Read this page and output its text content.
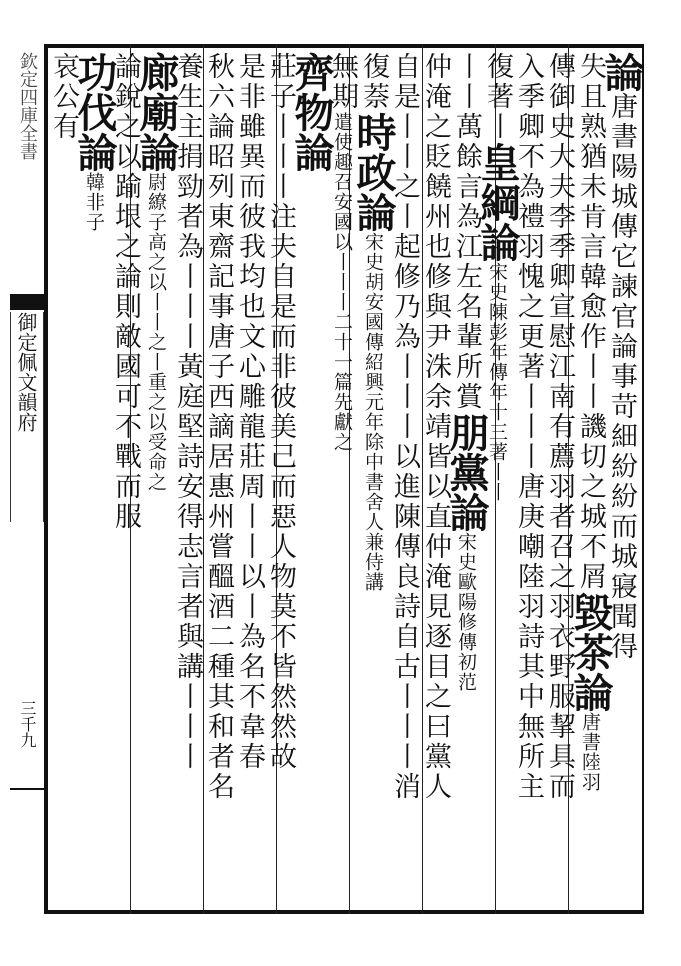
欽定四庫全書
御定佩文韻府
三千九
論唐書陽城傳它諫官論事苛細紛紛而城寢聞得
失且熟猶未肯言韓愈作丨丨譏切之城不屑毀茶論唐書陸羽
傳御史大夫李季卿宣慰江南有薦羽者召之羽衣野服挈具而
入季卿不為禮羽愧之更著丨丨丨唐庚嘲陸羽詩其中無所主
復著丨皇綱論宋史陳彭年傳年十三著丨丨
丨丨萬餘言為江左名輩所賞朋黨論宋史歐陽修傳初范
仲淹之貶饒州也修與尹洙余靖皆以直仲淹見逐目之曰黨人
自是丨丨之丨起修乃為丨丨丨以進陳傳良詩自古丨丨丨消
復萘時政論宋史胡安國傳紹興元年除中書舍人兼侍講
無期遣使趣召安國以丨丨丨二十一篇先獻之
齊物論
莊子丨丨丨注夫自是而非彼美己而惡人物莫不皆然然故
是非雖異而彼我均也文心雕龍莊周丨丨以丨為名不韋春
秋六論昭列東齋記事唐子西謫居惠州嘗醞酒二種其和者名
養生主捐勁者為丨丨丨黃庭堅詩安得志言者與講丨丨丨
廊廟論尉繚子高之以丨丨之丨重之以受命之
論銳之以踰垠之論則敵國可不戰而服
功伐論韓非子
哀公有
